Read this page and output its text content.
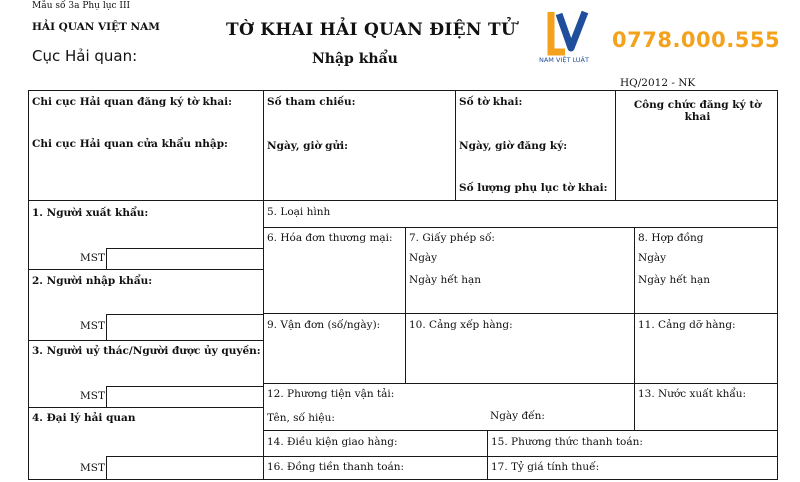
Mẫu số 3a Phụ lục III
HẢI QUAN VIỆT NAM	TỜ KHAI HẢI QUAN ĐIỆN TỬ
Cục Hải quan:	Nhập khẩu
HQ/2012 - NK
NAM VIỆT LUẬT
0778.000.555
Chi cục Hải quan đăng ký tờ khai:
Chi cục Hải quan cửa khẩu nhập:
Số tham chiếu:
Ngày, giờ gửi:
Số tờ khai:
Ngày, giờ đăng ký:
Số lượng phụ lục tờ khai:
Công chức đăng ký tờ khai
1. Người xuất khẩu:
MST
2. Người nhập khẩu:
MST
3. Người uỷ thác/Người được ủy quyền:
MST
4. Đại lý hải quan
MST
5. Loại hình
6. Hóa đơn thương mại: 7. Giấy phép số:
Ngày
Ngày hết hạn
8. Hợp đồng
Ngày
Ngày hết hạn
9. Vận đơn (số/ngày):	10. Cảng xếp hàng:	11. Cảng dỡ hàng:
12. Phương tiện vận tải:
Tên, số hiệu:	Ngày đến:
13. Nước xuất khẩu:
14. Điều kiện giao hàng:	15. Phương thức thanh toán:
16. Đồng tiền thanh toán:	17. Tỷ giá tính thuế:
